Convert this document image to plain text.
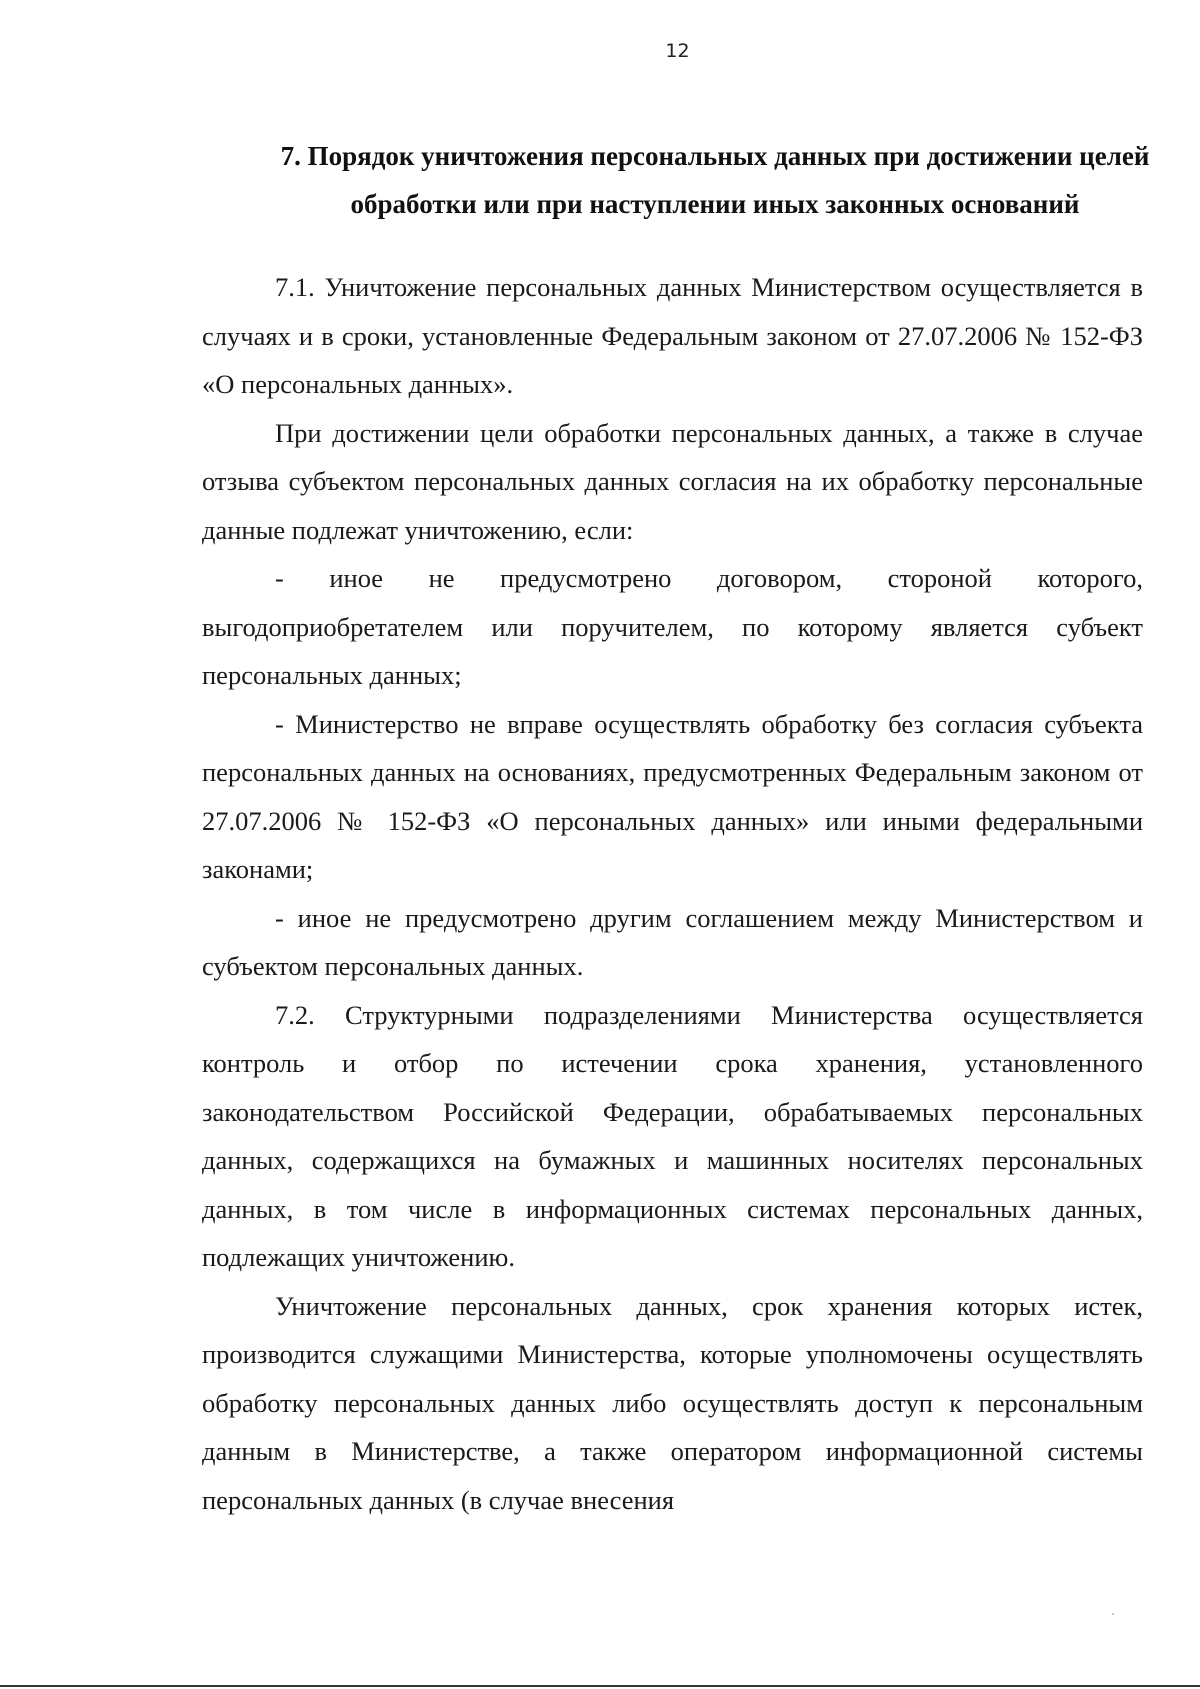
12
7. Порядок уничтожения персональных данных при достижении целей обработки или при наступлении иных законных оснований

7.1. Уничтожение персональных данных Министерством осуществляется в случаях и в сроки, установленные Федеральным законом от 27.07.2006 № 152-ФЗ «О персональных данных».

При достижении цели обработки персональных данных, а также в случае отзыва субъектом персональных данных согласия на их обработку персональные данные подлежат уничтожению, если:

- иное не предусмотрено договором, стороной которого, выгодоприобретателем или поручителем, по которому является субъект персональных данных;

- Министерство не вправе осуществлять обработку без согласия субъекта персональных данных на основаниях, предусмотренных Федеральным законом от 27.07.2006 № 152-ФЗ «О персональных данных» или иными федеральными законами;

- иное не предусмотрено другим соглашением между Министерством и субъектом персональных данных.

7.2. Структурными подразделениями Министерства осуществляется контроль и отбор по истечении срока хранения, установленного законодательством Российской Федерации, обрабатываемых персональных данных, содержащихся на бумажных и машинных носителях персональных данных, в том числе в информационных системах персональных данных, подлежащих уничтожению.

Уничтожение персональных данных, срок хранения которых истек, производится служащими Министерства, которые уполномочены осуществлять обработку персональных данных либо осуществлять доступ к персональным данным в Министерстве, а также оператором информационной системы персональных данных (в случае внесения
